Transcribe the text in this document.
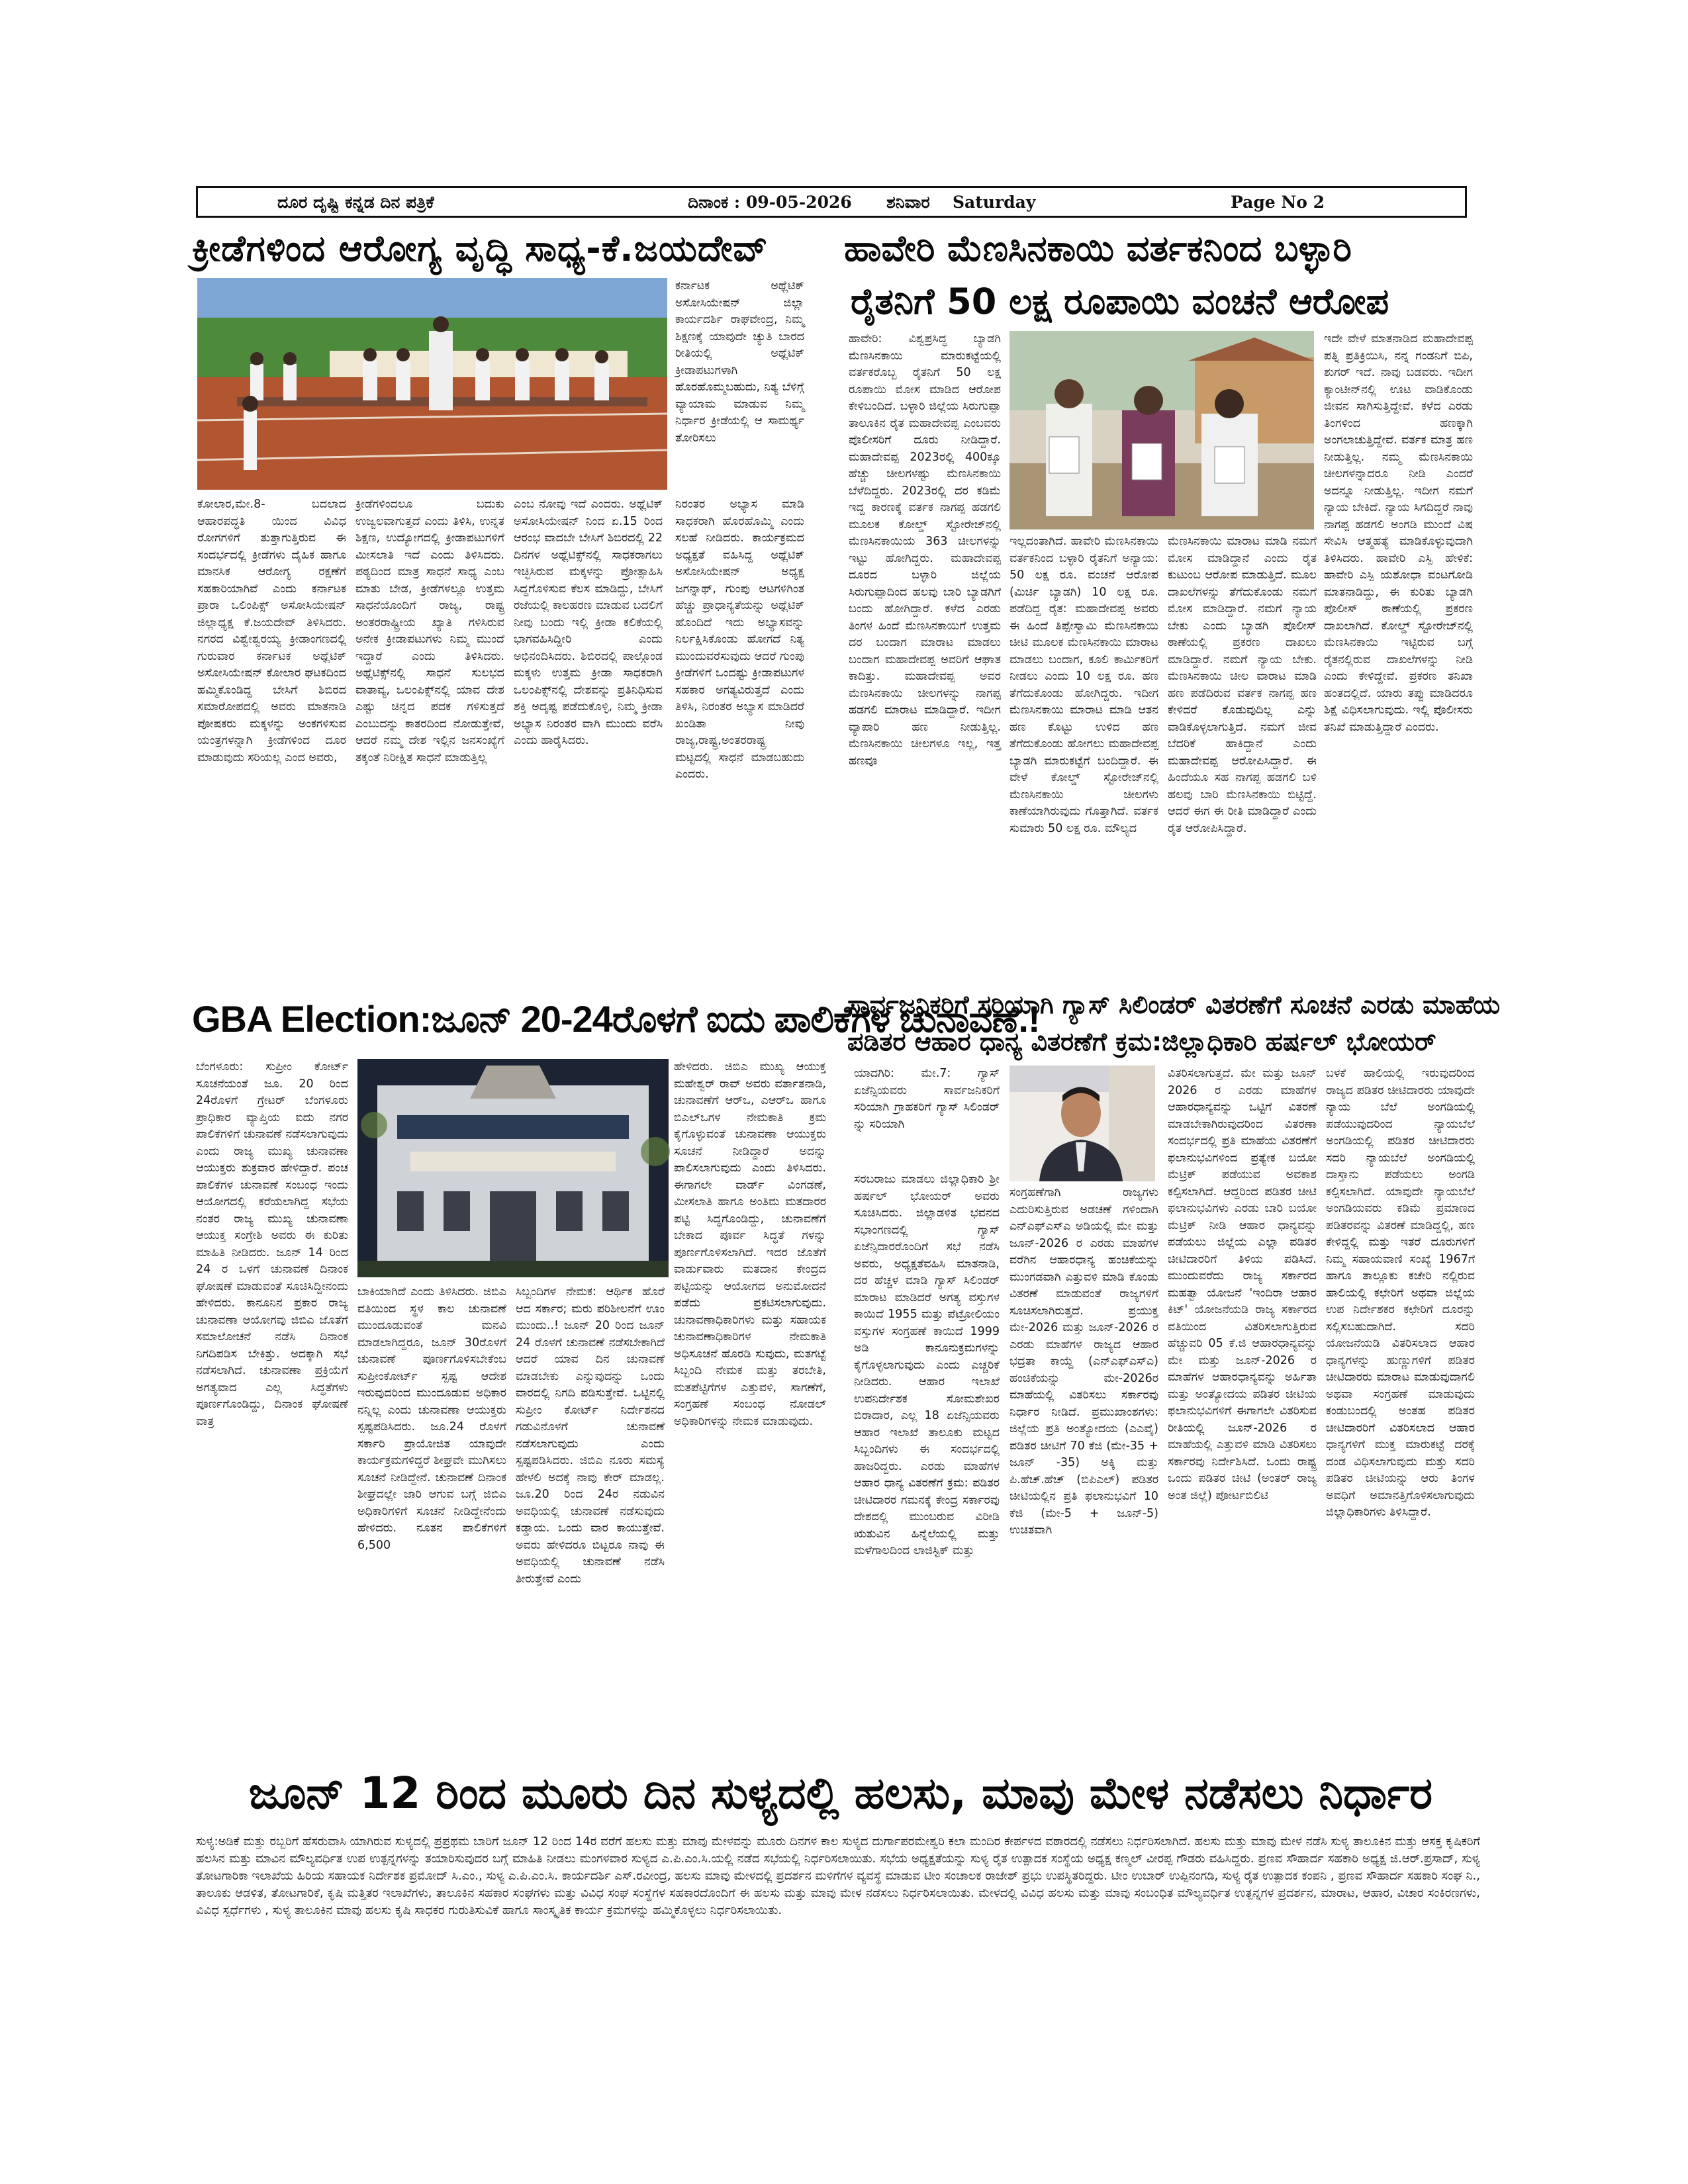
ದೂರ ದೃಷ್ಟಿ ಕನ್ನಡ ದಿನ ಪತ್ರಿಕೆ	ದಿನಾಂಕ : 09-05-2026 ಶನಿವಾರ Saturday	Page No 2
ಕ್ರೀಡೆಗಳಿಂದ ಆರೋಗ್ಯ ವೃದ್ಧಿ ಸಾಧ್ಯ-ಕೆ.ಜಯದೇವ್
ಕರ್ನಾಟಕ ಅಥ್ಲೆಟಿಕ್ ಅಸೋಸಿಯೇಷನ್ ಜಿಲ್ಲಾ ಕಾರ್ಯದರ್ಶಿ ರಾಘವೇಂದ್ರ, ನಿಮ್ಮ ಶಿಕ್ಷಣಕ್ಕೆ ಯಾವುದೇ ಚ್ಯುತಿ ಬಾರದ ರೀತಿಯಲ್ಲಿ ಅಥ್ಲೆಟಿಕ್ ಕ್ರೀಡಾಪಟುಗಳಾಗಿ ಹೊರಹೊಮ್ಮಬಹುದು, ನಿತ್ಯ ಬೆಳಿಗ್ಗೆ ವ್ಯಾಯಾಮ ಮಾಡುವ ನಿಮ್ಮ ನಿರ್ಧಾರ ಕ್ರೀಡೆಯಲ್ಲಿ ಆ ಸಾಮರ್ಥ್ಯ ತೋರಿಸಲು
ಕೋಲಾರ,ಮೇ.8- ಬದಲಾದ ಆಹಾರಪದ್ಧತಿ ಯಿಂದ ವಿವಿಧ ರೋಗಗಳಿಗೆ ತುತ್ತಾಗುತ್ತಿರುವ ಈ ಸಂದರ್ಭದಲ್ಲಿ ಕ್ರೀಡೆಗಳು ದೈಹಿಕ ಹಾಗೂ ಮಾನಸಿಕ ಆರೋಗ್ಯ ರಕ್ಷಣೆಗೆ ಸಹಕಾರಿಯಾಗಿವೆ ಎಂದು ಕರ್ನಾಟಕ ಪ್ರಾರಾ ಒಲಿಂಪಿಕ್ಸ್ ಅಸೋಸಿಯೇಷನ್ ಜಿಲ್ಲಾಧ್ಯಕ್ಷ ಕೆ.ಜಯದೇವ್ ತಿಳಿಸಿದರು. ನಗರದ ವಿಶ್ವೇಶ್ವರಯ್ಯ ಕ್ರೀಡಾಂಗಣದಲ್ಲಿ ಗುರುವಾರ ಕರ್ನಾಟಕ ಅಥ್ಲೆಟಿಕ್ ಅಸೋಸಿಯೇಷನ್ ಕೋಲಾರ ಘಟಕದಿಂದ ಹಮ್ಮಿಕೊಂಡಿದ್ದ ಬೇಸಿಗೆ ಶಿಬಿರದ ಸಮಾರೋಪದಲ್ಲಿ ಅವರು ಮಾತನಾಡಿ ಪೋಷಕರು ಮಕ್ಕಳನ್ನು ಅಂಕಗಳಿಸುವ ಯಂತ್ರಗಳನ್ನಾಗಿ ಕ್ರೀಡೆಗಳಿಂದ ದೂರ ಮಾಡುವುದು ಸರಿಯಲ್ಲ ಎಂದ ಅವರು,
ಕ್ರೀಡೆಗಳಿಂದಲೂ ಬದುಕು ಉಜ್ವಲವಾಗುತ್ತದೆ ಎಂದು ತಿಳಿಸಿ, ಉನ್ನತ ಶಿಕ್ಷಣ, ಉದ್ಯೋಗದಲ್ಲಿ ಕ್ರೀಡಾಪಟುಗಳಿಗೆ ಮೀಸಲಾತಿ ಇದೆ ಎಂದು ತಿಳಿಸಿದರು. ಪಠ್ಯದಿಂದ ಮಾತ್ರ ಸಾಧನೆ ಸಾಧ್ಯ ಎಂಬ ಮಾತು ಬೇಡ, ಕ್ರೀಡೆಗಳಲ್ಲೂ ಉತ್ತಮ ಸಾಧನೆಯೊಂದಿಗೆ ರಾಜ್ಯ, ರಾಷ್ಟ್ರ ಅಂತರರಾಷ್ಟ್ರೀಯ ಖ್ಯಾತಿ ಗಳಿಸಿರುವ ಅನೇಕ ಕ್ರೀಡಾಪಟುಗಳು ನಿಮ್ಮ ಮುಂದೆ ಇದ್ದಾರೆ ಎಂದು ತಿಳಿಸಿದರು. ಅಥ್ಲೆಟಿಕ್ಸ್‌ನಲ್ಲಿ ಸಾಧನೆ ಸುಲಭದ ವಾತಾವ್ಯ, ಒಲಂಪಿಕ್ಸ್‌ನಲ್ಲಿ ಯಾವ ದೇಶ ಎಷ್ಟು ಚಿನ್ನದ ಪದಕ ಗಳಿಸುತ್ತದೆ ಎಂಬುದನ್ನು ಕಾತರದಿಂದ ನೋಡುತ್ತೇವೆ, ಆದರೆ ನಮ್ಮ ದೇಶ ಇಲ್ಲಿನ ಜನಸಂಖ್ಯೆಗೆ ತಕ್ಕಂತೆ ನಿರೀಕ್ಷಿತ ಸಾಧನೆ ಮಾಡುತ್ತಿಲ್ಲ
ಎಂಬ ನೋವು ಇದೆ ಎಂದರು. ಅಥ್ಲೆಟಿಕ್ ಅಸೋಸಿಯೇಷನ್ ನಿಂದ ಏ.15 ರಿಂದ ಆರಂಭ ವಾದಬೇ ಬೇಸಿಗೆ ಶಿಬಿರದಲ್ಲಿ 22 ದಿನಗಳ ಅಥ್ಲೆಟಿಕ್ಸ್‌ನಲ್ಲಿ ಸಾಧಕರಾಗಲು ಇಚ್ಛಿಸಿರುವ ಮಕ್ಕಳನ್ನು ಪ್ರೋತ್ಸಾಹಿಸಿ ಸಿದ್ದಗೊಳಿಸುವ ಕೆಲಸ ಮಾಡಿದ್ದು, ಬೇಸಿಗೆ ರಜೆಯಲ್ಲಿ ಕಾಲಹರಣ ಮಾಡುವ ಬದಲಿಗೆ ನೀವು ಬಂದು ಇಲ್ಲಿ ಕ್ರೀಡಾ ಕಲಿಕೆಯಲ್ಲಿ ಭಾಗವಹಿಸಿದ್ದೀರಿ ಎಂದು ಅಭಿನಂದಿಸಿದರು. ಶಿಬಿರದಲ್ಲಿ ಪಾಲ್ಗೊಂಡ ಮಕ್ಕಳು ಉತ್ತಮ ಕ್ರೀಡಾ ಸಾಧಕರಾಗಿ ಒಲಂಪಿಕ್ಸ್‌ನಲ್ಲಿ ದೇಶವನ್ನು ಪ್ರತಿನಿಧಿಸುವ ಶಕ್ತಿ ಅದೃಷ್ಟ ಪಡೆದುಕೊಳ್ಳಿ, ನಿಮ್ಮ ಕ್ರೀಡಾ ಅಭ್ಯಾಸ ನಿರಂತರ ವಾಗಿ ಮುಂದು ವರೆಸಿ ಎಂದು ಹಾರೈಸಿದರು.
ನಿರಂತರ ಅಭ್ಯಾಸ ಮಾಡಿ ಸಾಧಕರಾಗಿ ಹೊರಹೊಮ್ಮಿ ಎಂದು ಸಲಹೆ ನೀಡಿದರು. ಕಾರ್ಯಕ್ರಮದ ಅಧ್ಯಕ್ಷತೆ ವಹಿಸಿದ್ದ ಅಥ್ಲೆಟಿಕ್ ಅಸೋಸಿಯೇಷನ್ ಅಧ್ಯಕ್ಷ ಜಗನ್ನಾಥ್, ಗುಂಪು ಆಟಗಳಿಗಿಂತ ಹೆಚ್ಚು ಪ್ರಾಧಾನ್ಯತೆಯನ್ನು ಅಥ್ಲೆಟಿಕ್ ಹೊಂದಿದೆ ಇದು ಅಭ್ಯಾಸವನ್ನು ನಿರ್ಲಕ್ಷಿಸಿಕೊಂಡು ಹೋಗದೆ ನಿತ್ಯ ಮುಂದುವರೆಸುವುದು ಆದರೆ ಗುಂಪು ಕ್ರೀಡೆಗಳಿಗೆ ಒಂದಷ್ಟು ಕ್ರೀಡಾಪಟುಗಳ ಸಹಕಾರ ಅಗತ್ಯವಿರುತ್ತದೆ ಎಂದು ತಿಳಿಸಿ, ನಿರಂತರ ಅಭ್ಯಾಸ ಮಾಡಿದರೆ ಖಂಡಿತಾ ನೀವು ರಾಜ್ಯ,ರಾಷ್ಟ್ರ,ಅಂತರರಾಷ್ಟ್ರ ಮಟ್ಟದಲ್ಲಿ ಸಾಧನೆ ಮಾಡಬಹುದು ಎಂದರು.
ಹಾವೇರಿ ಮೆಣಸಿನಕಾಯಿ ವರ್ತಕನಿಂದ ಬಳ್ಳಾರಿ
ರೈತನಿಗೆ 50 ಲಕ್ಷ ರೂಪಾಯಿ ವಂಚನೆ ಆರೋಪ
ಹಾವೇರಿ: ವಿಶ್ವಪ್ರಸಿದ್ಧ ಬ್ಯಾಡಗಿ ಮೆಣಸಿನಕಾಯಿ ಮಾರುಕಟ್ಟೆಯಲ್ಲಿ ವರ್ತಕರೊಬ್ಬ ರೈತನಿಗೆ 50 ಲಕ್ಷ ರೂಪಾಯಿ ಮೋಸ ಮಾಡಿದ ಆರೋಪ ಕೇಳಿಬಂದಿದೆ. ಬಳ್ಳಾರಿ ಜಿಲ್ಲೆಯ ಸಿರುಗುಪ್ಪಾ ತಾಲೂಕಿನ ರೈತ ಮಹಾದೇವಪ್ಪ ಎಂಬವರು ಪೊಲೀಸರಿಗೆ ದೂರು ನೀಡಿದ್ದಾರೆ. ಮಹಾದೇವಪ್ಪ 2023ರಲ್ಲಿ 400ಕ್ಕೂ ಹೆಚ್ಚು ಚೀಲಗಳಷ್ಟು ಮೆಣಸಿನಕಾಯಿ ಬೆಳೆದಿದ್ದರು. 2023ರಲ್ಲಿ ದರ ಕಡಿಮೆ ಇದ್ದ ಕಾರಣಕ್ಕೆ ವರ್ತಕ ನಾಗಪ್ಪ ಹಡಗಲಿ ಮೂಲಕ ಕೋಲ್ಡ್ ಸ್ಟೋರೇಜ್‌ನಲ್ಲಿ ಮೆಣಸಿನಕಾಯಿಯ 363 ಚೀಲಗಳನ್ನು ಇಟ್ಟು ಹೋಗಿದ್ದರು. ಮಹಾದೇವಪ್ಪ ದೂರದ ಬಳ್ಳಾರಿ ಜಿಲ್ಲೆಯ ಸಿರುಗುಪ್ಪಾದಿಂದ ಹಲವು ಬಾರಿ ಬ್ಯಾಡಗಿಗೆ ಬಂದು ಹೋಗಿದ್ದಾರೆ. ಕಳೆದ ಎರಡು ತಿಂಗಳ ಹಿಂದೆ ಮೆಣಸಿನಕಾಯಿಗೆ ಉತ್ತಮ ದರ ಬಂದಾಗ ಮಾರಾಟ ಮಾಡಲು ಬಂದಾಗ ಮಹಾದೇವಪ್ಪ ಅವರಿಗೆ ಆಘಾತ ಕಾದಿತ್ತು. ಮಹಾದೇವಪ್ಪ ಅವರ ಮೆಣಸಿನಕಾಯಿ ಚೀಲಗಳನ್ನು ನಾಗಪ್ಪ ಹಡಗಲಿ ಮಾರಾಟ ಮಾಡಿದ್ದಾರೆ. ಇದೀಗ ವ್ಯಾಪಾರಿ ಹಣ ನೀಡುತ್ತಿಲ್ಲ. ಮೆಣಸಿನಕಾಯಿ ಚೀಲಗಳೂ ಇಲ್ಲ, ಇತ್ತ ಹಣವೂ
ಇಲ್ಲದಂತಾಗಿದೆ. ಹಾವೇರಿ ಮೆಣಸಿನಕಾಯಿ ವರ್ತಕನಿಂದ ಬಳ್ಳಾರಿ ರೈತನಿಗೆ ಅನ್ಯಾಯ: 50 ಲಕ್ಷ ರೂ. ವಂಚನೆ ಆರೋಪ (ಮಿರ್ಚಿ ಬ್ಯಾಡಗಿ) 10 ಲಕ್ಷ ರೂ. ಪಡೆದಿದ್ದ ರೈತ: ಮಹಾದೇವಪ್ಪ ಅವರು ಈ ಹಿಂದೆ ತಿಪ್ಪೇಸ್ವಾಮಿ ಮೆಣಸಿನಕಾಯಿ ಚೀಟಿ ಮೂಲಕ ಮೆಣಸಿನಕಾಯಿ ಮಾರಾಟ ಮಾಡಲು ಬಂದಾಗ, ಕೂಲಿ ಕಾರ್ಮಿಕರಿಗೆ ನೀಡಲು ಎಂದು 10 ಲಕ್ಷ ರೂ. ಹಣ ತೆಗೆದುಕೊಂಡು ಹೋಗಿದ್ದರು. ಇದೀಗ ಮೆಣಸಿನಕಾಯಿ ಮಾರಾಟ ಮಾಡಿ ಆತನ ಹಣ ಕೊಟ್ಟು ಉಳಿದ ಹಣ ತೆಗೆದುಕೊಂಡು ಹೋಗಲು ಮಹಾದೇವಪ್ಪ ಬ್ಯಾಡಗಿ ಮಾರುಕಟ್ಟೆಗೆ ಬಂದಿದ್ದಾರೆ. ಈ ವೇಳೆ ಕೋಲ್ಡ್ ಸ್ಟೋರೇಜ್‌ನಲ್ಲಿ ಮೆಣಸಿನಕಾಯಿ ಚೀಲಗಳು ಕಾಣೆಯಾಗಿರುವುದು ಗೊತ್ತಾಗಿದೆ. ವರ್ತಕ ಸುಮಾರು 50 ಲಕ್ಷ ರೂ. ಮೌಲ್ಯದ
ಮೆಣಸಿನಕಾಯಿ ಮಾರಾಟ ಮಾಡಿ ನಮಗೆ ಮೋಸ ಮಾಡಿದ್ದಾನೆ ಎಂದು ರೈತ ಕುಟುಂಬ ಆರೋಪ ಮಾಡುತ್ತಿದೆ. ಮೂಲ ದಾಖಲೆಗಳನ್ನು ತೆಗೆದುಕೊಂಡು ನಮಗೆ ಮೋಸ ಮಾಡಿದ್ದಾರೆ. ನಮಗೆ ನ್ಯಾಯ ಬೇಕು ಎಂದು ಬ್ಯಾಡಗಿ ಪೊಲೀಸ್ ಠಾಣೆಯಲ್ಲಿ ಪ್ರಕರಣ ದಾಖಲು ಮಾಡಿದ್ದಾರೆ. ನಮಗೆ ನ್ಯಾಯ ಬೇಕು. ಮೆಣಸಿನಕಾಯಿ ಚೀಲ ವಾರಾಟ ಮಾಡಿ ಹಣ ಪಡೆದಿರುವ ವರ್ತಕ ನಾಗಪ್ಪ ಹಣ ಕೇಳಿದರೆ ಕೊಡುವುದಿಲ್ಲ ಎನ್ನು ವಾಡಿಕೊಳ್ಳಲಾಗುತ್ತಿದೆ. ನಮಗೆ ಜೀವ ಬೆದರಿಕೆ ಹಾಕಿದ್ದಾನೆ ಎಂದು ಮಹಾದೇವಪ್ಪ ಆರೋಪಿಸಿದ್ದಾರೆ. ಈ ಹಿಂದೆಯೂ ಸಹ ನಾಗಪ್ಪ ಹಡಗಲಿ ಬಳಿ ಹಲವು ಬಾರಿ ಮೆಣಸಿನಕಾಯಿ ಬಿಟ್ಟಿದ್ದೆ. ಆದರೆ ಈಗ ಈ ರೀತಿ ಮಾಡಿದ್ದಾರೆ ಎಂದು ರೈತ ಆರೋಪಿಸಿದ್ದಾರೆ.
ಇದೇ ವೇಳೆ ಮಾತನಾಡಿದ ಮಹಾದೇವಪ್ಪ ಪತ್ನಿ ಪ್ರತಿಕ್ರಿಯಿಸಿ, ನನ್ನ ಗಂಡನಿಗೆ ಬಿಪಿ, ಶುಗರ್ ಇದೆ. ನಾವು ಬಡವರು. ಇದೀಗ ಕ್ಯಾಂಟೀನ್‌ನಲ್ಲಿ ಊಟ ವಾಡಿಕೊಂಡು ಜೀವನ ಸಾಗಿಸುತ್ತಿದ್ದೇವೆ. ಕಳೆದ ಎರಡು ತಿಂಗಳಿಂದ ಹಣಕ್ಕಾಗಿ ಅಂಗಲಾಚುತ್ತಿದ್ದೇವೆ. ವರ್ತಕ ಮಾತ್ರ ಹಣ ನೀಡುತ್ತಿಲ್ಲ. ನಮ್ಮ ಮೆಣಸಿನಕಾಯಿ ಚೀಲಗಳನ್ನಾದರೂ ನೀಡಿ ಎಂದರೆ ಅದನ್ನೂ ನೀಡುತ್ತಿಲ್ಲ. ಇದೀಗ ನಮಗೆ ನ್ಯಾಯ ಬೇಕಿದೆ. ನ್ಯಾಯ ಸಿಗದಿದ್ದರೆ ನಾವು ನಾಗಪ್ಪ ಹಡಗಲಿ ಅಂಗಡಿ ಮುಂದೆ ವಿಷ ಸೇವಿಸಿ ಆತ್ಮಹತ್ಯೆ ಮಾಡಿಕೊಳ್ಳುವುದಾಗಿ ತಿಳಿಸಿದರು. ಹಾವೇರಿ ಎಸ್ಪಿ ಹೇಳಿಕೆ: ಹಾವೇರಿ ಎಸ್ಪಿ ಯಶೋಧಾ ವಂಟಗೋಡಿ ಮಾತನಾಡಿದ್ದು, ಈ ಕುರಿತು ಬ್ಯಾಡಗಿ ಪೊಲೀಸ್ ಠಾಣೆಯಲ್ಲಿ ಪ್ರಕರಣ ದಾಖಲಾಗಿದೆ. ಕೋಲ್ಡ್ ಸ್ಟೋರೇಜ್‌ನಲ್ಲಿ ಮೆಣಸಿನಕಾಯಿ ಇಟ್ಟಿರುವ ಬಗ್ಗೆ ರೈತನಲ್ಲಿರುವ ದಾಖಲೆಗಳನ್ನು ನೀಡಿ ಎಂದು ಕೇಳಿದ್ದೇವೆ. ಪ್ರಕರಣ ತನಿಖಾ ಹಂತದಲ್ಲಿದೆ. ಯಾರು ತಪ್ಪು ಮಾಡಿದರೂ ಶಿಕ್ಷೆ ವಿಧಿಸಲಾಗುವುದು. ಇಲ್ಲಿ ಪೊಲೀಸರು ತನಿಖೆ ಮಾಡುತ್ತಿದ್ದಾರೆ ಎಂದರು.
GBA Election:ಜೂನ್ 20-24ರೊಳಗೆ ಐದು ಪಾಲಿಕೆಗಳ ಚುನಾವಣೆ.!
ಬೆಂಗಳೂರು: ಸುಪ್ರೀಂ ಕೋರ್ಟ್ ಸೂಚನೆಯಂತೆ ಜೂ. 20 ರಿಂದ 24ರೊಳಗೆ ಗ್ರೇಟರ್ ಬೆಂಗಳೂರು ಪ್ರಾಧಿಕಾರ ವ್ಯಾಪ್ತಿಯ ಐದು ನಗರ ಪಾಲಿಕೆಗಳಿಗೆ ಚುನಾವಣೆ ನಡೆಸಲಾಗುವುದು ಎಂದು ರಾಜ್ಯ ಮುಖ್ಯ ಚುನಾವಣಾ ಆಯುಕ್ತರು ಶುಕ್ರವಾರ ಹೇಳಿದ್ದಾರೆ. ಪಂಚ ಪಾಲಿಕೆಗಳ ಚುನಾವಣೆ ಸಂಬಂಧ ಇಂದು ಆಯೋಗದಲ್ಲಿ ಕರೆಯಲಾಗಿದ್ದ ಸಭೆಯ ನಂತರ ರಾಜ್ಯ ಮುಖ್ಯ ಚುನಾವಣಾ ಆಯುಕ್ತ ಸಂಗ್ರೇಶಿ ಅವರು ಈ ಕುರಿತು ಮಾಹಿತಿ ನೀಡಿದರು. ಜೂನ್ 14 ರಿಂದ 24 ರ ಒಳಗೆ ಚುನಾವಣೆ ದಿನಾಂಕ ಘೋಷಣೆ ಮಾಡುವಂತೆ ಸೂಚಿಸಿದ್ದೀನಂದು ಹೇಳಿದರು. ಕಾನೂನಿನ ಪ್ರಕಾರ ರಾಜ್ಯ ಚುನಾವಣಾ ಆಯೋಗವು ಜಿಬಿಎ ಜೊತೆಗೆ ಸಮಾಲೋಚನೆ ನಡೆಸಿ ದಿನಾಂಕ ನಿಗದಿಪಡಿಸ ಬೇಕಿತ್ತು. ಅದಕ್ಕಾಗಿ ಸಭೆ ನಡೆಸಲಾಗಿದೆ. ಚುನಾವಣಾ ಪ್ರಕ್ರಿಯೆಗೆ ಅಗತ್ಯವಾದ ಎಲ್ಲ ಸಿದ್ಧತೆಗಳು ಪೂರ್ಣಗೊಂಡಿದ್ದು, ದಿನಾಂಕ ಘೋಷಣೆ ವಾತ್ರ
ಬಾಕಿಯಾಗಿದೆ ಎಂದು ತಿಳಿಸಿದರು. ಜಿಬಿಎ ವತಿಯಿಂದ ಸ್ಥಳ ಕಾಲ ಚುನಾವಣೆ ಮುಂದೂಡುವಂತೆ ಮನವಿ ಮಾಡಲಾಗಿದ್ದರೂ, ಜೂನ್ 30ರೊಳಗೆ ಚುನಾವಣೆ ಪೂರ್ಣಗೊಳಿಸಬೇಕೆಂಬ ಸುಪ್ರೀಂಕೋರ್ಟ್ ಸ್ಪಷ್ಟ ಆದೇಶ ಇರುವುದರಿಂದ ಮುಂದೂಡುವ ಅಧಿಕಾರ ನನ್ನಿಲ್ಲ ಎಂದು ಚುನಾವಣಾ ಆಯುಕ್ತರು ಸ್ಪಷ್ಟಪಡಿಸಿದರು. ಜೂ.24 ರೊಳಗೆ ಸರ್ಕಾರಿ ಪ್ರಾಯೋಜಿತ ಯಾವುದೇ ಕಾರ್ಯಕ್ರಮಗಳಿದ್ದರೆ ಶೀಘ್ರವೇ ಮುಗಿಸಲು ಸೂಚನೆ ನೀಡಿದ್ದೇನೆ. ಚುನಾವಣೆ ದಿನಾಂಕ ಶೀಘ್ರದಲ್ಲೇ ಜಾರಿ ಆಗುವ ಬಗ್ಗೆ ಜಿಬಿಎ ಅಧಿಕಾರಿಗಳಿಗೆ ಸೂಚನೆ ನೀಡಿದ್ದೇನೆಂದು ಹೇಳಿದರು. ನೂತನ ಪಾಲಿಕೆಗಳಿಗೆ 6,500
ಸಿಬ್ಬಂದಿಗಳ ನೇಮಕ: ಆರ್ಥಿಕ ಹೊರೆ ಆದ ಸರ್ಕಾರ; ಮರು ಪರಿಶೀಲನೆಗೆ ಊಂ ಮುಂದು..! ಜೂನ್ 20 ರಿಂದ ಜೂನ್ 24 ರೊಳಗೆ ಚುನಾವಣೆ ನಡೆಸಬೇಕಾಗಿದೆ ಆದರೆ ಯಾವ ದಿನ ಚುನಾವಣೆ ಮಾಡಬೇಕು ಎನ್ನುವುದನ್ನು ಒಂದು ವಾರದಲ್ಲಿ ನಿಗದಿ ಪಡಿಸುತ್ತೇವೆ. ಒಟ್ಟಿನಲ್ಲಿ ಸುಪ್ರೀಂ ಕೋರ್ಟ್ ನಿರ್ದೇಶನದ ಗಡುವಿನೊಳಗೆ ಚುನಾವಣೆ ನಡೆಸಲಾಗುವುದು ಎಂದು ಸ್ಪಷ್ಟಪಡಿಸಿದರು. ಜಿಬಿಎ ನೂರು ಸಮಸ್ಯೆ ಹೇಳಲಿ ಅದಕ್ಕೆ ನಾವು ಕೇರ್ ಮಾಡಲ್ಲ. ಜೂ.20 ರಿಂದ 24ರ ನಡುವಿನ ಅವಧಿಯಲ್ಲಿ ಚುನಾವಣೆ ನಡೆಸುವುದು ಕಡ್ಡಾಯ. ಒಂದು ವಾರ ಕಾಯುತ್ತೇವೆ. ಅವರು ಹೇಳಿದರೂ ಬಿಟ್ಟರೂ ನಾವು ಈ ಅವಧಿಯಲ್ಲಿ ಚುನಾವಣೆ ನಡೆಸಿ ತೀರುತ್ತೇವೆ ಎಂದು
ಹೇಳಿದರು. ಜಿಬಿಎ ಮುಖ್ಯ ಆಯುಕ್ತ ಮಹೇಶ್ವರ್ ರಾವ್ ಅವರು ವರ್ತಾತನಾಡಿ, ಚುನಾವಣೆಗೆ ಆರ್‌ಒ, ಎಆರ್‌ಒ ಹಾಗೂ ಬಿಎಲ್‌ಒಗಳ ನೇಮಕಾತಿ ಕ್ರಮ ಕೈಗೊಳ್ಳುವಂತೆ ಚುನಾವಣಾ ಆಯುಕ್ತರು ಸೂಚನೆ ನೀಡಿದ್ದಾರೆ ಅದನ್ನು ಪಾಲಿಸಲಾಗುವುದು ಎಂದು ತಿಳಿಸಿದರು. ಈಗಾಗಲೇ ವಾರ್ಡ್ ವಿಂಗಡಣೆ, ಮೀಸಲಾತಿ ಹಾಗೂ ಅಂತಿಮ ಮತದಾರರ ಪಟ್ಟಿ ಸಿದ್ಧಗೊಂಡಿದ್ದು, ಚುನಾವಣೆಗೆ ಬೇಕಾದ ಪೂರ್ವ ಸಿದ್ಧತೆ ಗಳನ್ನು ಪೂರ್ಣಗೊಳಿಸಲಾಗಿದೆ. ಇದರ ಜೊತೆಗೆ ವಾರ್ಡುವಾರು ಮತದಾನ ಕೇಂದ್ರದ ಪಟ್ಟಿಯನ್ನು ಆಯೋಗದ ಅನುಮೋದನೆ ಪಡೆದು ಪ್ರಕಟಿಸಲಾಗುವುದು. ಚುನಾವಣಾಧಿಕಾರಿಗಳು ಮತ್ತು ಸಹಾಯಕ ಚುನಾವಣಾಧಿಕಾರಿಗಳ ನೇಮಕಾತಿ ಅಧಿಸೂಚನೆ ಹೊರಡಿ ಸುವುದು, ಮತಗಟ್ಟೆ ಸಿಬ್ಬಂದಿ ನೇಮಕ ಮತ್ತು ತರಬೇತಿ, ಮತಪೆಟ್ಟಿಗೆಗಳ ಎತ್ತುವಳಿ, ಸಾಗಣೆಗೆ, ಸಂಗ್ರಹಣೆ ಸಂಬಂಧ ನೋಡಲ್ ಅಧಿಕಾರಿಗಳನ್ನು ನೇಮಕ ಮಾಡುವುದು.
ಸಾರ್ವಜನಿಕರಿಗೆ ಸರಿಯಾಗಿ ಗ್ಯಾಸ್ ಸಿಲಿಂಡರ್ ವಿತರಣೆಗೆ ಸೂಚನೆ ಎರಡು ಮಾಹೆಯ
ಪಡಿತರ ಆಹಾರ ಧಾನ್ಯ ವಿತರಣೆಗೆ ಕ್ರಮ:ಜಿಲ್ಲಾಧಿಕಾರಿ ಹರ್ಷಲ್ ಭೋಯರ್
ಯಾದಗಿರಿ: ಮೇ.7: ಗ್ಯಾಸ್ ಏಜೆನ್ಸಿಯವರು ಸಾರ್ವಜನಿಕರಿಗೆ ಸರಿಯಾಗಿ ಗ್ರಾಹಕರಿಗೆ ಗ್ಯಾಸ್ ಸಿಲಿಂಡರ್ ನ್ನು ಸರಿಯಾಗಿ
ಸರಬರಾಜು ಮಾಡಲು ಜಿಲ್ಲಾಧಿಕಾರಿ ಶ್ರೀ ಹರ್ಷಲ್ ಭೋಯರ್ ಅವರು ಸೂಚಿಸಿದರು. ಜಿಲ್ಲಾಡಳಿತ ಭವನದ ಸಭಾಂಗಣದಲ್ಲಿ ಗ್ಯಾಸ್ ಏಜೆನ್ಸಿದಾರರೊಂದಿಗೆ ಸಭೆ ನಡೆಸಿ ಅವರು, ಅಧ್ಯಕ್ಷತೆವಹಿಸಿ ಮಾತನಾಡಿ, ದರ ಹೆಚ್ಚಳ ಮಾಡಿ ಗ್ಯಾಸ್ ಸಿಲಿಂಡರ್ ಮಾರಾಟ ಮಾಡಿದರೆ ಅಗತ್ಯ ವಸ್ತುಗಳ ಕಾಯಿದೆ 1955 ಮತ್ತು ಪೆಟ್ರೋಲಿಯಂ ವಸ್ತುಗಳ ಸಂಗ್ರಹಣೆ ಕಾಯಿದೆ 1999 ಅಡಿ ಕಾನೂನುಕ್ರಮಗಳನ್ನು ಕೈಗೊಳ್ಳಲಾಗುವುದು ಎಂದು ಎಚ್ಚರಿಕೆ ನೀಡಿದರು. ಆಹಾರ ಇಲಾಖೆ ಉಪನಿರ್ದೇಶಕ ಸೋಮಶೇಖರ ಬಿರಾದಾರ, ಎಲ್ಲ 18 ಏಜೆನ್ಸಿಯವರು ಆಹಾರ ಇಲಾಖೆ ತಾಲೂಕು ಮಟ್ಟದ ಸಿಬ್ಬಂದಿಗಳು ಈ ಸಂದರ್ಭದಲ್ಲಿ ಹಾಜರಿದ್ದರು. ಎರಡು ಮಾಹೆಗಳ ಆಹಾರ ಧಾನ್ಯ ವಿತರಣೆಗೆ ಕ್ರಮ: ಪಡಿತರ ಚೀಟಿದಾರರ ಗಮನಕ್ಕೆ ಕೇಂದ್ರ ಸರ್ಕಾರವು ದೇಶದಲ್ಲಿ ಮುಂಬರುವ ವಿರೀಡಿ ಋತುವಿನ ಹಿನ್ನೆಲೆಯಲ್ಲಿ ಮತ್ತು ಮಳೆಗಾಲದಿಂದ ಲಾಜಿಸ್ಟಿಕ್ ಮತ್ತು
ಸಂಗ್ರಹಣೆಗಾಗಿ ರಾಜ್ಯಗಳು ಎದುರಿಸುತ್ತಿರುವ ಅಡಚಣೆ ಗಳಿಂದಾಗಿ ಎನ್‌ಎಫ್‌ಎಸ್‌ಎ ಅಡಿಯಲ್ಲಿ ಮೇ ಮತ್ತು ಜೂನ್-2026 ರ ಎರಡು ಮಾಹೆಗಳ ವರೆಗಿನ ಆಹಾರಧಾನ್ಯ ಹಂಚಿಕೆಯನ್ನು ಮುಂಗಡವಾಗಿ ಎತ್ತುವಳಿ ಮಾಡಿ ಕೊಂಡು ವಿತರಣೆ ಮಾಡುವಂತೆ ರಾಜ್ಯಗಳಿಗೆ ಸೂಚಿಸಲಾಗಿರುತ್ತದೆ. ಪ್ರಯುಕ್ತ ಮೇ-2026 ಮತ್ತು ಜೂನ್-2026 ರ ಎರಡು ಮಾಹೆಗಳ ರಾಜ್ಯದ ಆಹಾರ ಭದ್ರತಾ ಕಾಯ್ದೆ (ಎನ್‌ಎಫ್‌ಎಸ್‌ಎ) ಹಂಚಿಕೆಯನ್ನು ಮೇ-2026ರ ಮಾಹೆಯಲ್ಲಿ ವಿತರಿಸಲು ಸರ್ಕಾರವು ನಿರ್ಧಾರ ನೀಡಿದೆ. ಪ್ರಮುಖಾಂಶಗಳು: ಜಿಲ್ಲೆಯ ಪ್ರತಿ ಅಂತ್ಯೋದಯ (ಎಎವೈ) ಪಡಿತರ ಚೀಟಿಗೆ 70 ಕೆಜಿ (ಮೇ-35 + ಜೂನ್ -35) ಅಕ್ಕಿ ಮತ್ತು ಪಿ.ಹೆಚ್.ಹೆಚ್ (ಬಿಪಿಎಲ್) ಪಡಿತರ ಚೀಟಿಯಲ್ಲಿನ ಪ್ರತಿ ಫಲಾನುಭವಿಗೆ 10 ಕೆಜಿ (ಮೇ-5 + ಜೂನ್-5) ಉಚಿತವಾಗಿ
ವಿತರಿಸಲಾಗುತ್ತದೆ. ಮೇ ಮತ್ತು ಜೂನ್ 2026 ರ ಎರಡು ಮಾಹೆಗಳ ಆಹಾರಧಾನ್ಯವನ್ನು ಒಟ್ಟಿಗೆ ವಿತರಣೆ ಮಾಡಬೇಕಾಗಿರುವುದರಿಂದ ವಿತರಣಾ ಸಂದರ್ಭದಲ್ಲಿ ಪ್ರತಿ ಮಾಹೆಯ ವಿತರಣೆಗೆ ಫಲಾನುಭವಿಗಳಿಂದ ಪ್ರತ್ಯೇಕ ಬಯೋ ಮೆಟ್ರಿಕ್ ಪಡೆಯುವ ಅವಕಾಶ ಕಲ್ಪಿಸಲಾಗಿದೆ. ಆದ್ದರಿಂದ ಪಡಿತರ ಚೀಟಿ ಫಲಾನುಭವಿಗಳು ಎರಡು ಬಾರಿ ಬಯೋ ಮೆಟ್ರಿಕ್ ನೀಡಿ ಆಹಾರ ಧಾನ್ಯವನ್ನು ಪಡೆಯಲು ಜಿಲ್ಲೆಯ ಎಲ್ಲಾ ಪಡಿತರ ಚೀಟಿದಾರರಿಗೆ ತಿಳಿಯ ಪಡಿಸಿದೆ. ಮುಂದುವರೆದು ರಾಜ್ಯ ಸರ್ಕಾರದ ಮಹತ್ವಾ ಯೋಜನೆ 'ಇಂದಿರಾ ಆಹಾರ ಕಿಟ್' ಯೋಜನೆಯಡಿ ರಾಜ್ಯ ಸರ್ಕಾರದ ವತಿಯಿಂದ ವಿತರಿಸಲಾಗುತ್ತಿರುವ ಹೆಚ್ಚುವರಿ 05 ಕೆ.ಜಿ ಆಹಾರಧಾನ್ಯವನ್ನು ಮೇ ಮತ್ತು ಜೂನ್-2026 ರ ಮಾಹೆಗಳ ಆಹಾರಧಾನ್ಯವನ್ನು ಅರ್ಹಿತಾ ಮತ್ತು ಅಂತ್ಯೋದಯ ಪಡಿತರ ಚೀಟಿಯ ಫಲಾನುಭವಿಗಳಿಗೆ ಈಗಾಗಲೇ ವಿತರಿಸುವ ರೀತಿಯಲ್ಲಿ ಜೂನ್-2026 ರ ಮಾಹೆಯಲ್ಲಿ ಎತ್ತುವಳಿ ಮಾಡಿ ವಿತರಿಸಲು ಸರ್ಕಾರವು ನಿರ್ದೇಶಿಸಿದೆ. ಒಂದು ರಾಷ್ಟ್ರ ಒಂದು ಪಡಿತರ ಚೀಟಿ (ಅಂತರ್ ರಾಜ್ಯ ಅಂತ ಜಿಲ್ಲೆ) ಪೋರ್ಟಬಿಲಿಟಿ
ಬಳಕೆ ಹಾಲಿಯಲ್ಲಿ ಇರುವುದರಿಂದ ರಾಜ್ಯದ ಪಡಿತರ ಚೀಟಿದಾರರು ಯಾವುದೇ ನ್ಯಾಯ ಬೆಲೆ ಅಂಗಡಿಯಲ್ಲಿ ಪಡೆಯುವುದರಿಂದ ನ್ಯಾಯಬೆಲೆ ಅಂಗಡಿಯಲ್ಲಿ ಪಡಿತರ ಚೀಟಿದಾರರು ಸದರಿ ನ್ಯಾಯಬೆಲೆ ಅಂಗಡಿಯಲ್ಲಿ ದಾಸ್ತಾನು ಪಡೆಯಲು ಅಂಗಡಿ ಕಲ್ಪಿಸಲಾಗಿದೆ. ಯಾವುದೇ ನ್ಯಾಯಬೆಲೆ ಅಂಗಡಿಯವರು ಕಡಿಮೆ ಪ್ರಮಾಣದ ಪಡಿತರವನ್ನು ವಿತರಣೆ ಮಾಡಿದ್ದಲ್ಲಿ, ಹಣ ಕೇಳಿದ್ದಲ್ಲಿ ಮತ್ತು ಇತರೆ ದೂರುಗಳಿಗೆ ನಿಮ್ಮ ಸಹಾಯವಾಣಿ ಸಂಖ್ಯೆ 1967ಗೆ ಹಾಗೂ ತಾಲ್ಲೂಕು ಕಚೇರಿ ನಲ್ಲಿರುವ ಹಾಲಿಯಲ್ಲಿ ಕಛೇರಿಗೆ ಅಥವಾ ಜಿಲ್ಲೆಯ ಉಪ ನಿರ್ದೇಶಕರ ಕಛೇರಿಗೆ ದೂರನ್ನು ಸಲ್ಲಿಸಬಹುದಾಗಿದೆ. ಸದರಿ ಯೋಜನೆಯಡಿ ವಿತರಿಸಲಾದ ಆಹಾರ ಧಾನ್ಯಗಳನ್ನು ಹುಣ್ಣುಗಳಿಗೆ ಪಡಿತರ ಚೀಟಿದಾರರು ಮಾರಾಟ ಮಾಡುವುದಾಗಲಿ ಅಥವಾ ಸಂಗ್ರಹಣೆ ಮಾಡುವುದು ಕಂಡುಬಂದಲ್ಲಿ ಅಂತಹ ಪಡಿತರ ಚೀಟಿದಾರರಿಗೆ ವಿತರಿಸಲಾದ ಆಹಾರ ಧಾನ್ಯಗಳಿಗೆ ಮುಕ್ತ ಮಾರುಕಟ್ಟೆ ದರಕ್ಕೆ ದಂಡ ವಿಧಿಸಲಾಗುವುದು ಮತ್ತು ಸದರಿ ಪಡಿತರ ಚೀಟಿಯನ್ನು ಆರು ತಿಂಗಳ ಅವಧಿಗೆ ಅಮಾನತ್ತಿಗೊಳಿಸಲಾಗುವುದು ಜಿಲ್ಲಾಧಿಕಾರಿಗಳು ತಿಳಿಸಿದ್ದಾರೆ.
ಜೂನ್ 12 ರಿಂದ ಮೂರು ದಿನ ಸುಳ್ಯದಲ್ಲಿ ಹಲಸು, ಮಾವು ಮೇಳ ನಡೆಸಲು ನಿರ್ಧಾರ
ಸುಳ್ಯ:ಅಡಿಕೆ ಮತ್ತು ರಬ್ಬರಿಗೆ ಹೆಸರುವಾಸಿ ಯಾಗಿರುವ ಸುಳ್ಯದಲ್ಲಿ ಪ್ರಪ್ರಥಮ ಬಾರಿಗೆ ಜೂನ್ 12 ರಿಂದ 14ರ ವರೆಗೆ ಹಲಸು ಮತ್ತು ಮಾವು ಮೇಳವನ್ನು ಮೂರು ದಿನಗಳ ಕಾಲ ಸುಳ್ಯದ ದುರ್ಗಾಪರಮೇಶ್ವರಿ ಕಲಾ ಮಂದಿರ ಕೇರ್ಪಳದ ವಠಾರದಲ್ಲಿ ನಡೆಸಲು ನಿರ್ಧರಿಸಲಾಗಿದೆ. ಹಲಸು ಮತ್ತು ಮಾವು ಮೇಳ ನಡೆಸಿ ಸುಳ್ಯ ತಾಲೂಕಿನ ಮತ್ತು ಆಸಕ್ತ ಕೃಷಿಕರಿಗೆ ಹಲಸಿನ ಮತ್ತು ಮಾವಿನ ಮೌಲ್ಯವರ್ಧಿತ ಉಪ ಉತ್ಪನ್ನಗಳನ್ನು ತಯಾರಿಸುವುದರ ಬಗ್ಗೆ ಮಾಹಿತಿ ನೀಡಲು ಮಂಗಳವಾರ ಸುಳ್ಯದ ಎ.ಪಿ.ಎಂ.ಸಿ.ಯಲ್ಲಿ ನಡೆದ ಸಭೆಯಲ್ಲಿ ನಿರ್ಧರಿಸಲಾಯಿತು. ಸಭೆಯ ಅಧ್ಯಕ್ಷತೆಯನ್ನು ಸುಳ್ಯ ರೈತ ಉತ್ಪಾದಕ ಸಂಸ್ಥೆಯ ಅಧ್ಯಕ್ಷ ಕಣ್ಮಲ್ ವೀರಪ್ಪ ಗೌಡರು ವಹಿಸಿದ್ದರು. ಪ್ರಣವ ಸೌಹಾರ್ದ ಸಹಕಾರಿ ಅಧ್ಯಕ್ಷ ಜಿ.ಆರ್.ಪ್ರಸಾದ್, ಸುಳ್ಯ ತೋಟಗಾರಿಕಾ ಇಲಾಖೆಯ ಹಿರಿಯ ಸಹಾಯಕ ನಿರ್ದೇಶಕ ಪ್ರಮೋದ್ ಸಿ.ಎಂ., ಸುಳ್ಯ ಎ.ಪಿ.ಎಂ.ಸಿ. ಕಾರ್ಯದರ್ಶಿ ಎಸ್.ರವೀಂದ್ರ, ಹಲಸು ಮಾವು ಮೇಳದಲ್ಲಿ ಪ್ರದರ್ಶನ ಮಳಿಗೆಗಳ ವ್ಯವಸ್ಥೆ ಮಾಡುವ ಟೀಂ ಸಂಚಾಲಕ ರಾಜೇಶ್ ಪ್ರಭು ಉಪಸ್ಥಿತರಿದ್ದರು. ಟೀಂ ಉಬಾರ್ ಉಪ್ಪಿನಂಗಡಿ, ಸುಳ್ಯ ರೈತ ಉತ್ಪಾದಕ ಕಂಪನಿ , ಪ್ರಣವ ಸೌಹಾರ್ದ ಸಹಕಾರಿ ಸಂಘ ನಿ., ತಾಲೂಕು ಆಡಳಿತ, ತೋಟಗಾರಿಕೆ, ಕೃಷಿ ಮತ್ತಿತರ ಇಲಾಖೆಗಳು, ತಾಲೂಕಿನ ಸಹಕಾರ ಸಂಘಗಳು ಮತ್ತು ವಿವಿಧ ಸಂಘ ಸಂಸ್ಥೆಗಳ ಸಹಕಾರದೊಂದಿಗೆ ಈ ಹಲಸು ಮತ್ತು ಮಾವು ಮೇಳ ನಡೆಸಲು ನಿರ್ಧರಿಸಲಾಯಿತು. ಮೇಳದಲ್ಲಿ ವಿವಿಧ ಹಲಸು ಮತ್ತು ಮಾವು ಸಂಬಂಧಿತ ಮೌಲ್ಯವರ್ಧಿತ ಉತ್ಪನ್ನಗಳ ಪ್ರದರ್ಶನ, ಮಾರಾಟ, ಆಹಾರ, ವಿಚಾರ ಸಂಕಿರಣಗಳು, ವಿವಿಧ ಸ್ಪರ್ಧೆಗಳು , ಸುಳ್ಯ ತಾಲೂಕಿನ ಮಾವು ಹಲಸು ಕೃಷಿ ಸಾಧಕರ ಗುರುತಿಸುವಿಕೆ ಹಾಗೂ ಸಾಂಸ್ಕೃತಿಕ ಕಾರ್ಯ ಕ್ರಮಗಳನ್ನು ಹಮ್ಮಿಕೊಳ್ಳಲು ನಿರ್ಧರಿಸಲಾಯಿತು.
